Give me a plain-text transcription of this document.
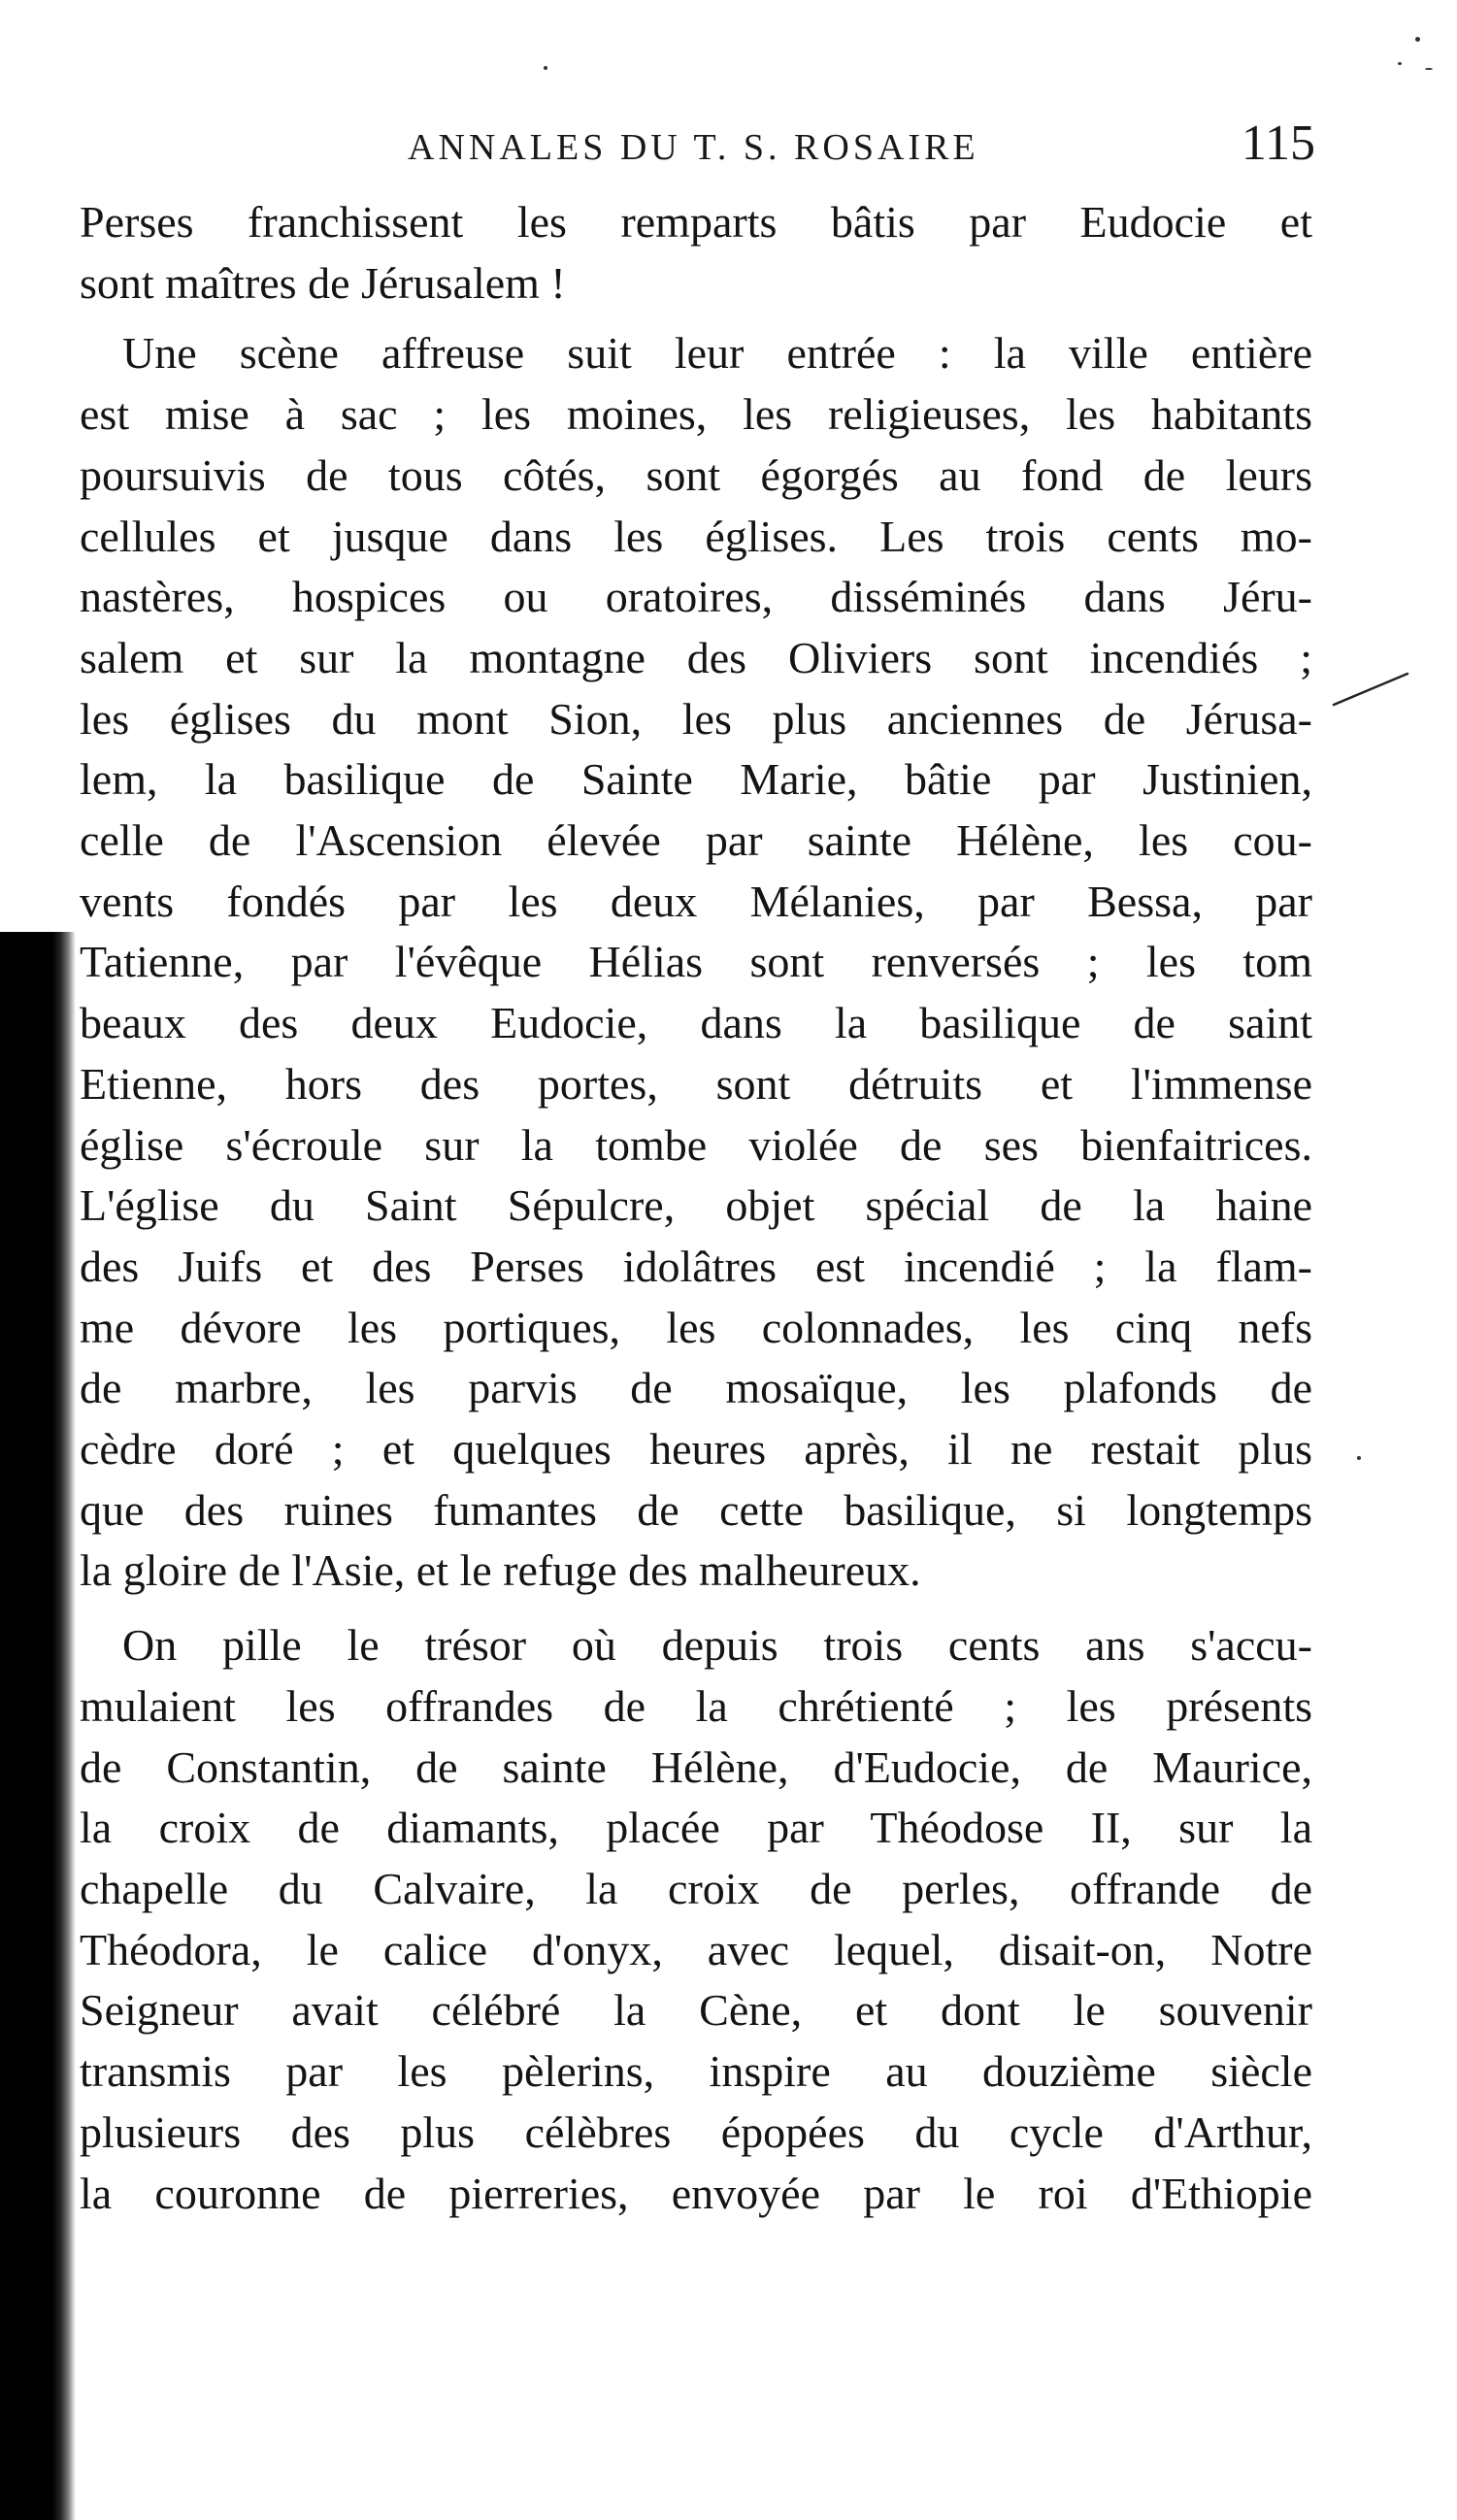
ANNALES DU T. S. ROSAIRE	115
Perses franchissent les remparts bâtis par Eudocie et
sont maîtres de Jérusalem !
Une scène affreuse suit leur entrée : la ville entière
est mise à sac ; les moines, les religieuses, les habitants
poursuivis de tous côtés, sont égorgés au fond de leurs
cellules et jusque dans les églises. Les trois cents mo-
nastères, hospices ou oratoires, disséminés dans Jéru-
salem et sur la montagne des Oliviers sont incendiés ;
les églises du mont Sion, les plus anciennes de Jérusa-
lem, la basilique de Sainte Marie, bâtie par Justinien,
celle de l'Ascension élevée par sainte Hélène, les cou-
vents fondés par les deux Mélanies, par Bessa, par
Tatienne, par l'évêque Hélias sont renversés ; les tom
beaux des deux Eudocie, dans la basilique de saint
Etienne, hors des portes, sont détruits et l'immense
église s'écroule sur la tombe violée de ses bienfaitrices.
L'église du Saint Sépulcre, objet spécial de la haine
des Juifs et des Perses idolâtres est incendié ; la flam-
me dévore les portiques, les colonnades, les cinq nefs
de marbre, les parvis de mosaïque, les plafonds de
cèdre doré ; et quelques heures après, il ne restait plus
que des ruines fumantes de cette basilique, si longtemps
la gloire de l'Asie, et le refuge des malheureux.
On pille le trésor où depuis trois cents ans s'accu-
mulaient les offrandes de la chrétienté ; les présents
de Constantin, de sainte Hélène, d'Eudocie, de Maurice,
la croix de diamants, placée par Théodose II, sur la
chapelle du Calvaire, la croix de perles, offrande de
Théodora, le calice d'onyx, avec lequel, disait-on, Notre
Seigneur avait célébré la Cène, et dont le souvenir
transmis par les pèlerins, inspire au douzième siècle
plusieurs des plus célèbres épopées du cycle d'Arthur,
la couronne de pierreries, envoyée par le roi d'Ethiopie
